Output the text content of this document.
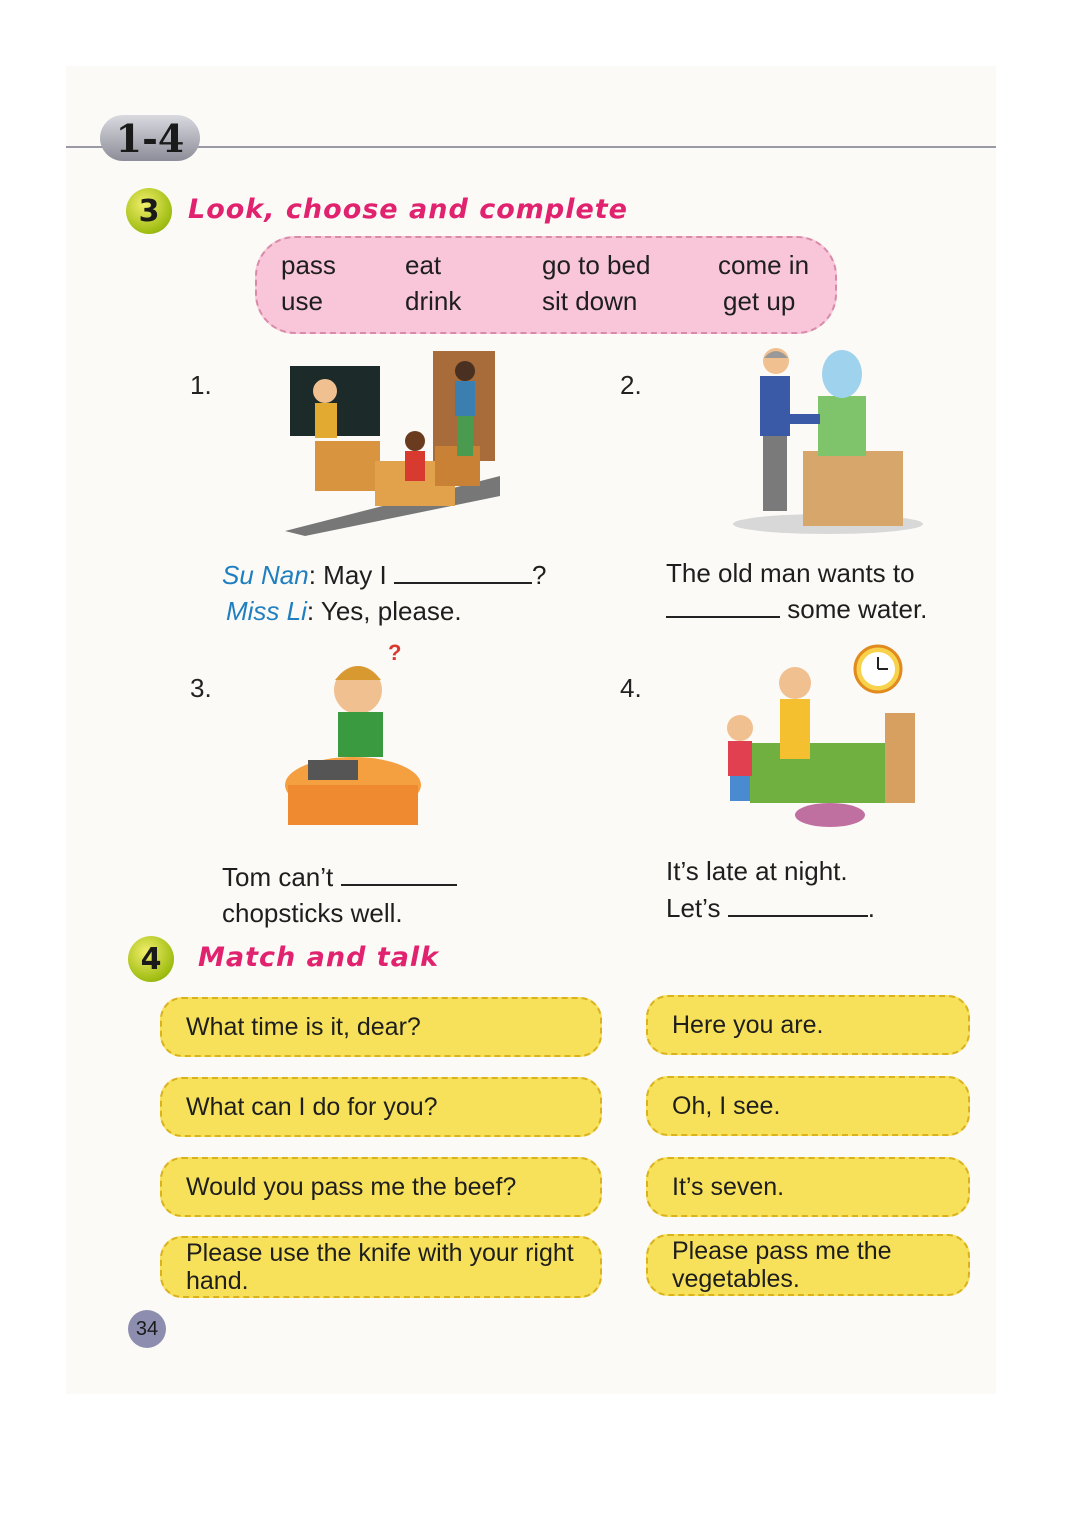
1-4
3	Look, choose and complete
pass	eat	go to bed	come in
use	drink	sit down	get up
1.
Su Nan: May I	?
Miss Li: Yes, please.
2.
The old man wants to
some water.
3.
?
Tom can’t
chopsticks well.
4.
It’s late at night.
Let’s	.
4	Match and talk
What time is it, dear?
What can I do for you?
Would you pass me the beef?
Please use the knife with your right hand.
Here you are.
Oh, I see.
It’s seven.
Please pass me the vegetables.
34
